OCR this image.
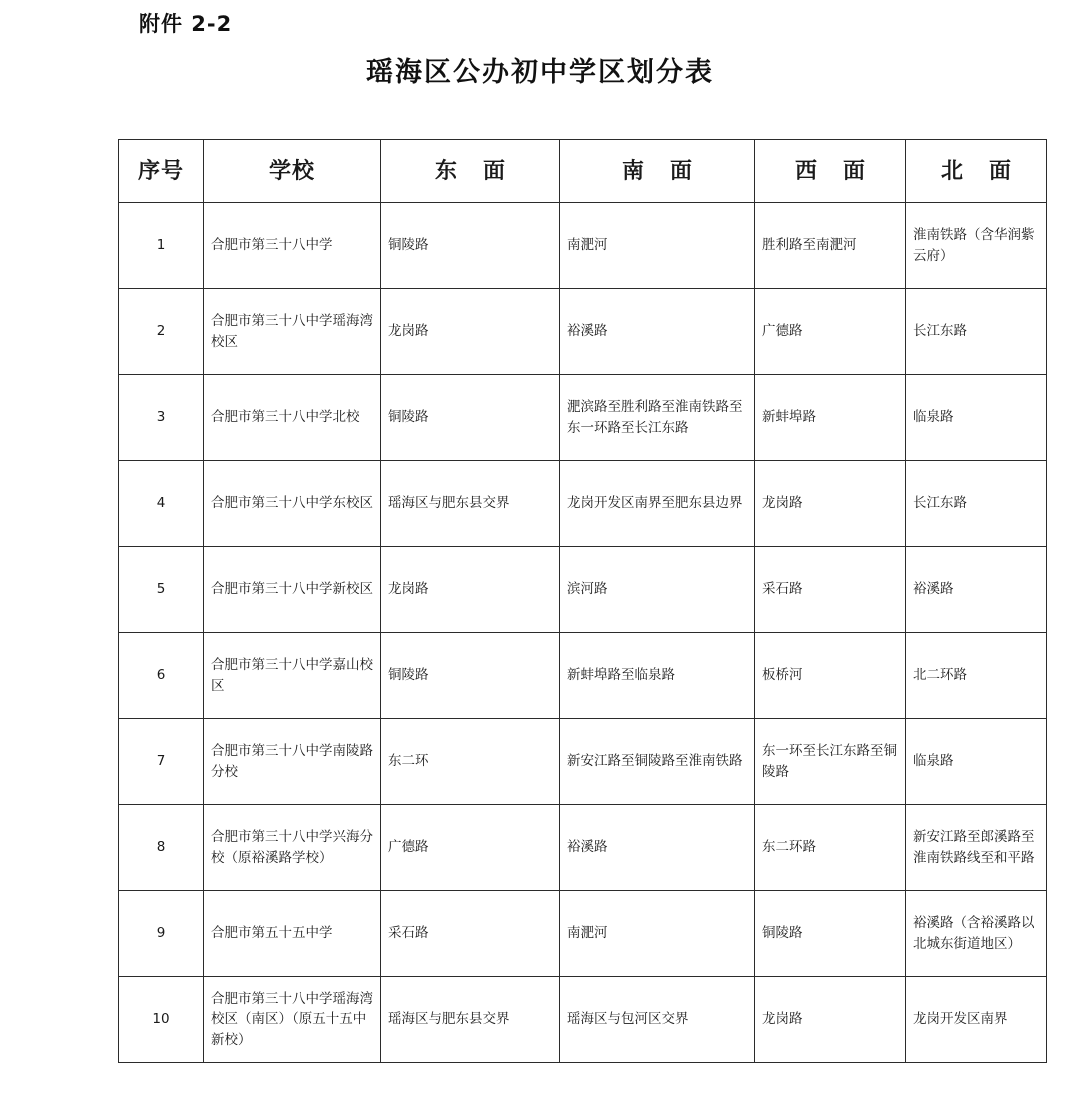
附件 2-2
瑶海区公办初中学区划分表
序号	学校	东 面	南 面	西 面	北 面
1	合肥市第三十八中学	铜陵路	南淝河	胜利路至南淝河	淮南铁路（含华润紫云府）
2	合肥市第三十八中学瑶海湾校区	龙岗路	裕溪路	广德路	长江东路
3	合肥市第三十八中学北校	铜陵路	淝滨路至胜利路至淮南铁路至东一环路至长江东路	新蚌埠路	临泉路
4	合肥市第三十八中学东校区	瑶海区与肥东县交界	龙岗开发区南界至肥东县边界	龙岗路	长江东路
5	合肥市第三十八中学新校区	龙岗路	滨河路	采石路	裕溪路
6	合肥市第三十八中学嘉山校区	铜陵路	新蚌埠路至临泉路	板桥河	北二环路
7	合肥市第三十八中学南陵路分校	东二环	新安江路至铜陵路至淮南铁路	东一环至长江东路至铜陵路	临泉路
8	合肥市第三十八中学兴海分校（原裕溪路学校）	广德路	裕溪路	东二环路	新安江路至郎溪路至淮南铁路线至和平路
9	合肥市第五十五中学	采石路	南淝河	铜陵路	裕溪路（含裕溪路以北城东街道地区）
10	合肥市第三十八中学瑶海湾校区（南区）（原五十五中新校）	瑶海区与肥东县交界	瑶海区与包河区交界	龙岗路	龙岗开发区南界
